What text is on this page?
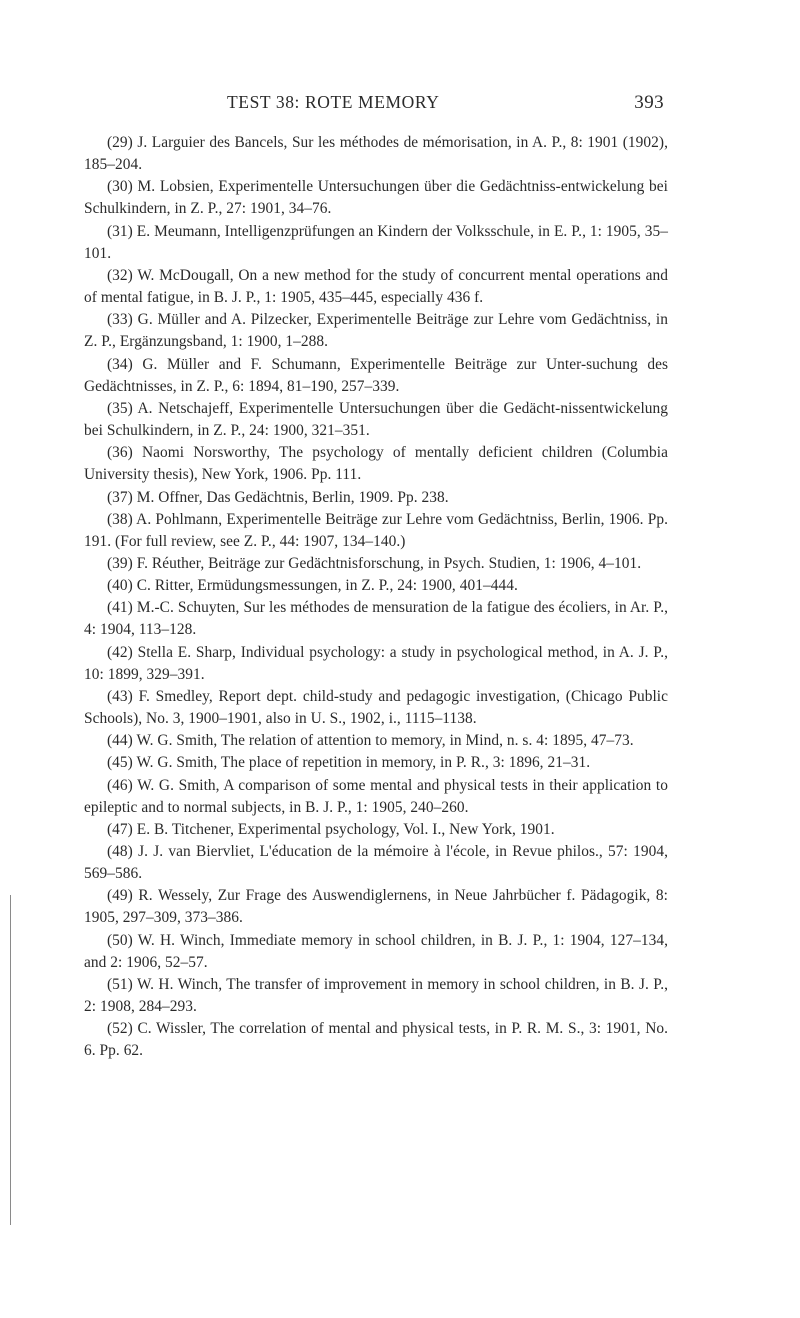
TEST 38: ROTE MEMORY	393

(29) J. Larguier des Bancels, Sur les méthodes de mémorisation, in A. P., 8: 1901 (1902), 185–204.

(30) M. Lobsien, Experimentelle Untersuchungen über die Gedächtniss-entwickelung bei Schulkindern, in Z. P., 27: 1901, 34–76.

(31) E. Meumann, Intelligenzprüfungen an Kindern der Volksschule, in E. P., 1: 1905, 35–101.

(32) W. McDougall, On a new method for the study of concurrent mental operations and of mental fatigue, in B. J. P., 1: 1905, 435–445, especially 436 f.

(33) G. Müller and A. Pilzecker, Experimentelle Beiträge zur Lehre vom Gedächtniss, in Z. P., Ergänzungsband, 1: 1900, 1–288.

(34) G. Müller and F. Schumann, Experimentelle Beiträge zur Unter-suchung des Gedächtnisses, in Z. P., 6: 1894, 81–190, 257–339.

(35) A. Netschajeff, Experimentelle Untersuchungen über die Gedächt-nissentwickelung bei Schulkindern, in Z. P., 24: 1900, 321–351.

(36) Naomi Norsworthy, The psychology of mentally deficient children (Columbia University thesis), New York, 1906. Pp. 111.

(37) M. Offner, Das Gedächtnis, Berlin, 1909. Pp. 238.

(38) A. Pohlmann, Experimentelle Beiträge zur Lehre vom Gedächtniss, Berlin, 1906. Pp. 191. (For full review, see Z. P., 44: 1907, 134–140.)

(39) F. Réuther, Beiträge zur Gedächtnisforschung, in Psych. Studien, 1: 1906, 4–101.

(40) C. Ritter, Ermüdungsmessungen, in Z. P., 24: 1900, 401–444.

(41) M.-C. Schuyten, Sur les méthodes de mensuration de la fatigue des écoliers, in Ar. P., 4: 1904, 113–128.

(42) Stella E. Sharp, Individual psychology: a study in psychological method, in A. J. P., 10: 1899, 329–391.

(43) F. Smedley, Report dept. child-study and pedagogic investigation, (Chicago Public Schools), No. 3, 1900–1901, also in U. S., 1902, i., 1115–1138.

(44) W. G. Smith, The relation of attention to memory, in Mind, n. s. 4: 1895, 47–73.

(45) W. G. Smith, The place of repetition in memory, in P. R., 3: 1896, 21–31.

(46) W. G. Smith, A comparison of some mental and physical tests in their application to epileptic and to normal subjects, in B. J. P., 1: 1905, 240–260.

(47) E. B. Titchener, Experimental psychology, Vol. I., New York, 1901.

(48) J. J. van Biervliet, L'éducation de la mémoire à l'école, in Revue philos., 57: 1904, 569–586.

(49) R. Wessely, Zur Frage des Auswendiglernens, in Neue Jahrbücher f. Pädagogik, 8: 1905, 297–309, 373–386.

(50) W. H. Winch, Immediate memory in school children, in B. J. P., 1: 1904, 127–134, and 2: 1906, 52–57.

(51) W. H. Winch, The transfer of improvement in memory in school children, in B. J. P., 2: 1908, 284–293.

(52) C. Wissler, The correlation of mental and physical tests, in P. R. M. S., 3: 1901, No. 6. Pp. 62.
